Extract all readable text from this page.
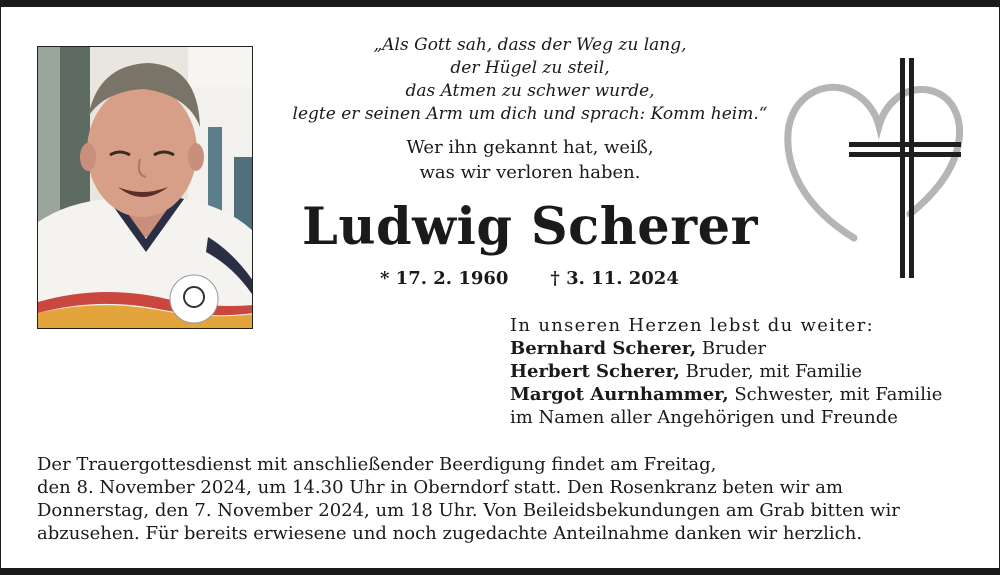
„Als Gott sah, dass der Weg zu lang,
der Hügel zu steil,
das Atmen zu schwer wurde,
legte er seinen Arm um dich und sprach: Komm heim.“
Wer ihn gekannt hat, weiß,
was wir verloren haben.
Ludwig Scherer
* 17. 2. 1960 † 3. 11. 2024
In unseren Herzen lebst du weiter:
Bernhard Scherer, Bruder
Herbert Scherer, Bruder, mit Familie
Margot Aurnhammer, Schwester, mit Familie
im Namen aller Angehörigen und Freunde
Der Trauergottesdienst mit anschließender Beerdigung findet am Freitag,
den 8. November 2024, um 14.30 Uhr in Oberndorf statt. Den Rosenkranz beten wir am
Donnerstag, den 7. November 2024, um 18 Uhr. Von Beileidsbekundungen am Grab bitten wir
abzusehen. Für bereits erwiesene und noch zugedachte Anteilnahme danken wir herzlich.
